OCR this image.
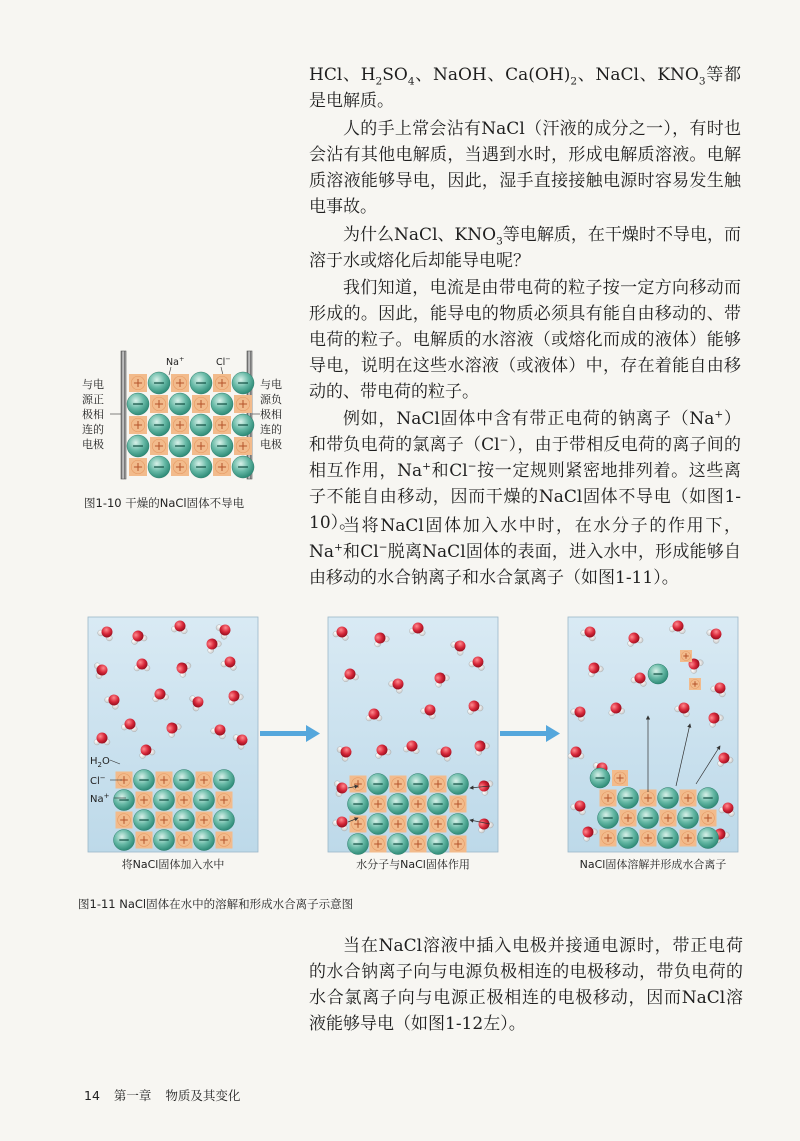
HCl、$H_2SO_4$、NaOH、$Ca(OH)_2$、NaCl、$KNO_3$等都是电解质。

人的手上常会沾有NaCl（汗液的成分之一），有时也会沾有其他电解质，当遇到水时，形成电解质溶液。电解质溶液能够导电，因此，湿手直接接触电源时容易发生触电事故。

为什么NaCl、$KNO_3$等电解质，在干燥时不导电，而溶于水或熔化后却能导电呢？

我们知道，电流是由带电荷的粒子按一定方向移动而形成的。因此，能导电的物质必须具有能自由移动的、带电荷的粒子。电解质的水溶液（或熔化而成的液体）能够导电，说明在这些水溶液（或液体）中，存在着能自由移动的、带电荷的粒子。

例如，NaCl固体中含有带正电荷的钠离子（Na+）和带负电荷的氯离子（Cl−），由于带相反电荷的离子间的相互作用，Na+和Cl−按一定规则紧密地排列着。这些离子不能自由移动，因而干燥的NaCl固体不导电（如图1-10）。

当将NaCl固体加入水中时，在水分子的作用下，Na+和Cl−脱离NaCl固体的表面，进入水中，形成能够自由移动的水合钠离子和水合氯离子（如图1-11）。

Na+	Cl−
与电
源正
极相
连的
电极
与电
源负
极相
连的
电极
图1-10 干燥的NaCl固体不导电
$H_2O$
Cl−
Na+
将NaCl固体加入水中	水分子与NaCl固体作用	NaCl固体溶解并形成水合离子
图1-11 NaCl固体在水中的溶解和形成水合离子示意图

当在NaCl溶液中插入电极并接通电源时，带正电荷的水合钠离子向与电源负极相连的电极移动，带负电荷的水合氯离子向与电源正极相连的电极移动，因而NaCl溶液能够导电（如图1-12左）。

14 第一章 物质及其变化
